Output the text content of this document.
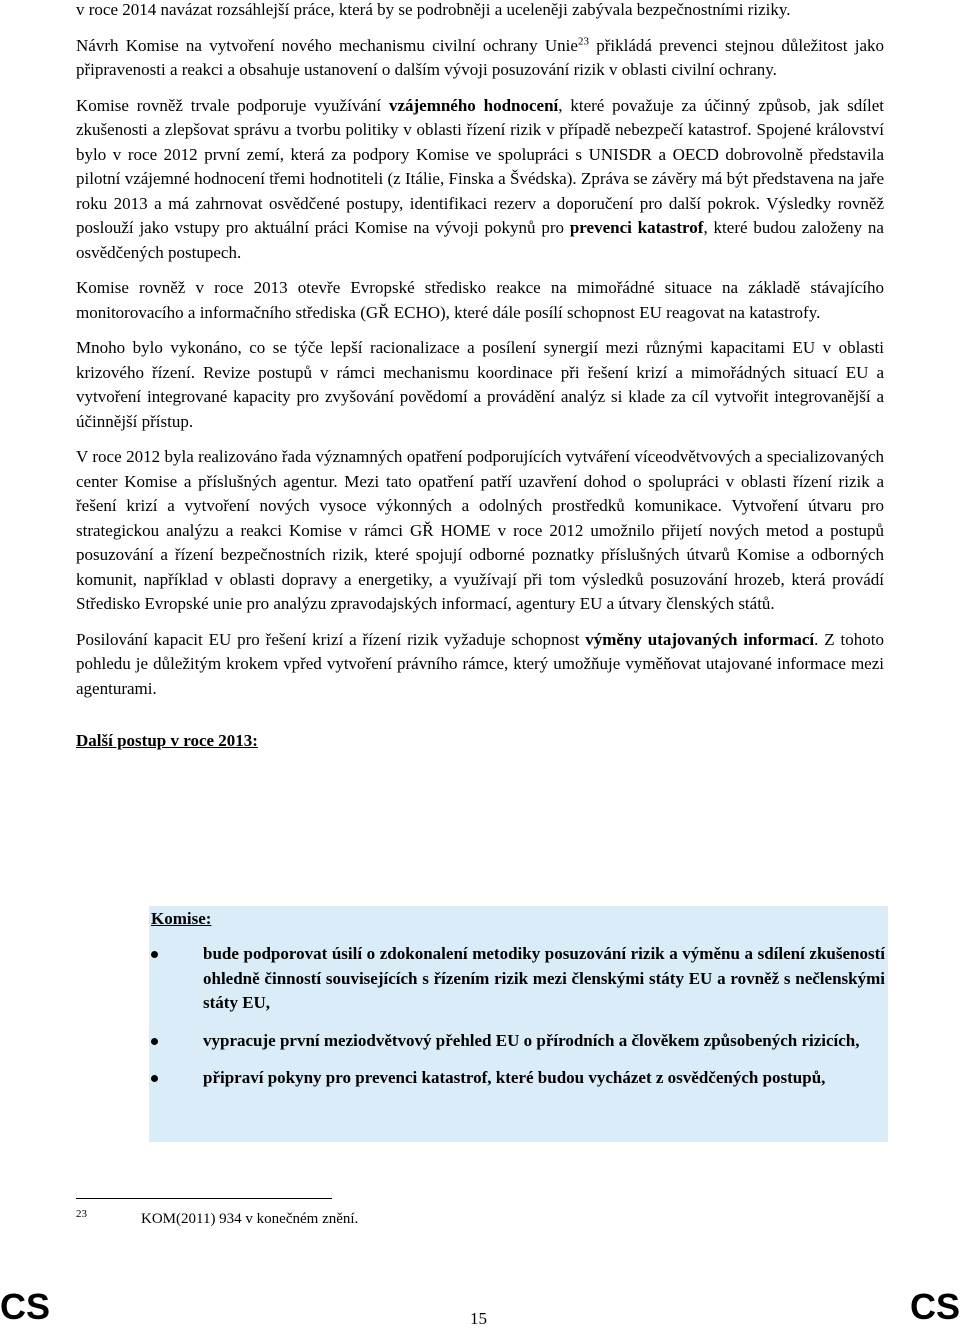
v roce 2014 navázat rozsáhlejší práce, která by se podrobněji a uceleněji zabývala bezpečnostními riziky.

Návrh Komise na vytvoření nového mechanismu civilní ochrany Unie$^{23}$ přikládá prevenci stejnou důležitost jako připravenosti a reakci a obsahuje ustanovení o dalším vývoji posuzování rizik v oblasti civilní ochrany.

Komise rovněž trvale podporuje využívání vzájemného hodnocení, které považuje za účinný způsob, jak sdílet zkušenosti a zlepšovat správu a tvorbu politiky v oblasti řízení rizik v případě nebezpečí katastrof. Spojené království bylo v roce 2012 první zemí, která za podpory Komise ve spolupráci s UNISDR a OECD dobrovolně představila pilotní vzájemné hodnocení třemi hodnotiteli (z Itálie, Finska a Švédska). Zpráva se závěry má být představena na jaře roku 2013 a má zahrnovat osvědčené postupy, identifikaci rezerv a doporučení pro další pokrok. Výsledky rovněž poslouží jako vstupy pro aktuální práci Komise na vývoji pokynů pro prevenci katastrof, které budou založeny na osvědčených postupech.

Komise rovněž v roce 2013 otevře Evropské středisko reakce na mimořádné situace na základě stávajícího monitorovacího a informačního střediska (GŘ ECHO), které dále posílí schopnost EU reagovat na katastrofy.

Mnoho bylo vykonáno, co se týče lepší racionalizace a posílení synergií mezi různými kapacitami EU v oblasti krizového řízení. Revize postupů v rámci mechanismu koordinace při řešení krizí a mimořádných situací EU a vytvoření integrované kapacity pro zvyšování povědomí a provádění analýz si klade za cíl vytvořit integrovanější a účinnější přístup.

V roce 2012 byla realizováno řada významných opatření podporujících vytváření víceodvětvových a specializovaných center Komise a příslušných agentur. Mezi tato opatření patří uzavření dohod o spolupráci v oblasti řízení rizik a řešení krizí a vytvoření nových vysoce výkonných a odolných prostředků komunikace. Vytvoření útvaru pro strategickou analýzu a reakci Komise v rámci GŘ HOME v roce 2012 umožnilo přijetí nových metod a postupů posuzování a řízení bezpečnostních rizik, které spojují odborné poznatky příslušných útvarů Komise a odborných komunit, například v oblasti dopravy a energetiky, a využívají při tom výsledků posuzování hrozeb, která provádí Středisko Evropské unie pro analýzu zpravodajských informací, agentury EU a útvary členských států.

Posilování kapacit EU pro řešení krizí a řízení rizik vyžaduje schopnost výměny utajovaných informací. Z tohoto pohledu je důležitým krokem vpřed vytvoření právního rámce, který umožňuje vyměňovat utajované informace mezi agenturami.

Další postup v roce 2013:
Komise:
bude podporovat úsilí o zdokonalení metodiky posuzování rizik a výměnu a sdílení zkušeností ohledně činností souvisejících s řízením rizik mezi členskými státy EU a rovněž s nečlenskými státy EU,
vypracuje první meziodvětvový přehled EU o přírodních a člověkem způsobených rizicích,
připraví pokyny pro prevenci katastrof, které budou vycházet z osvědčených postupů,
23	KOM(2011) 934 v konečném znění.
CS	15	CS
